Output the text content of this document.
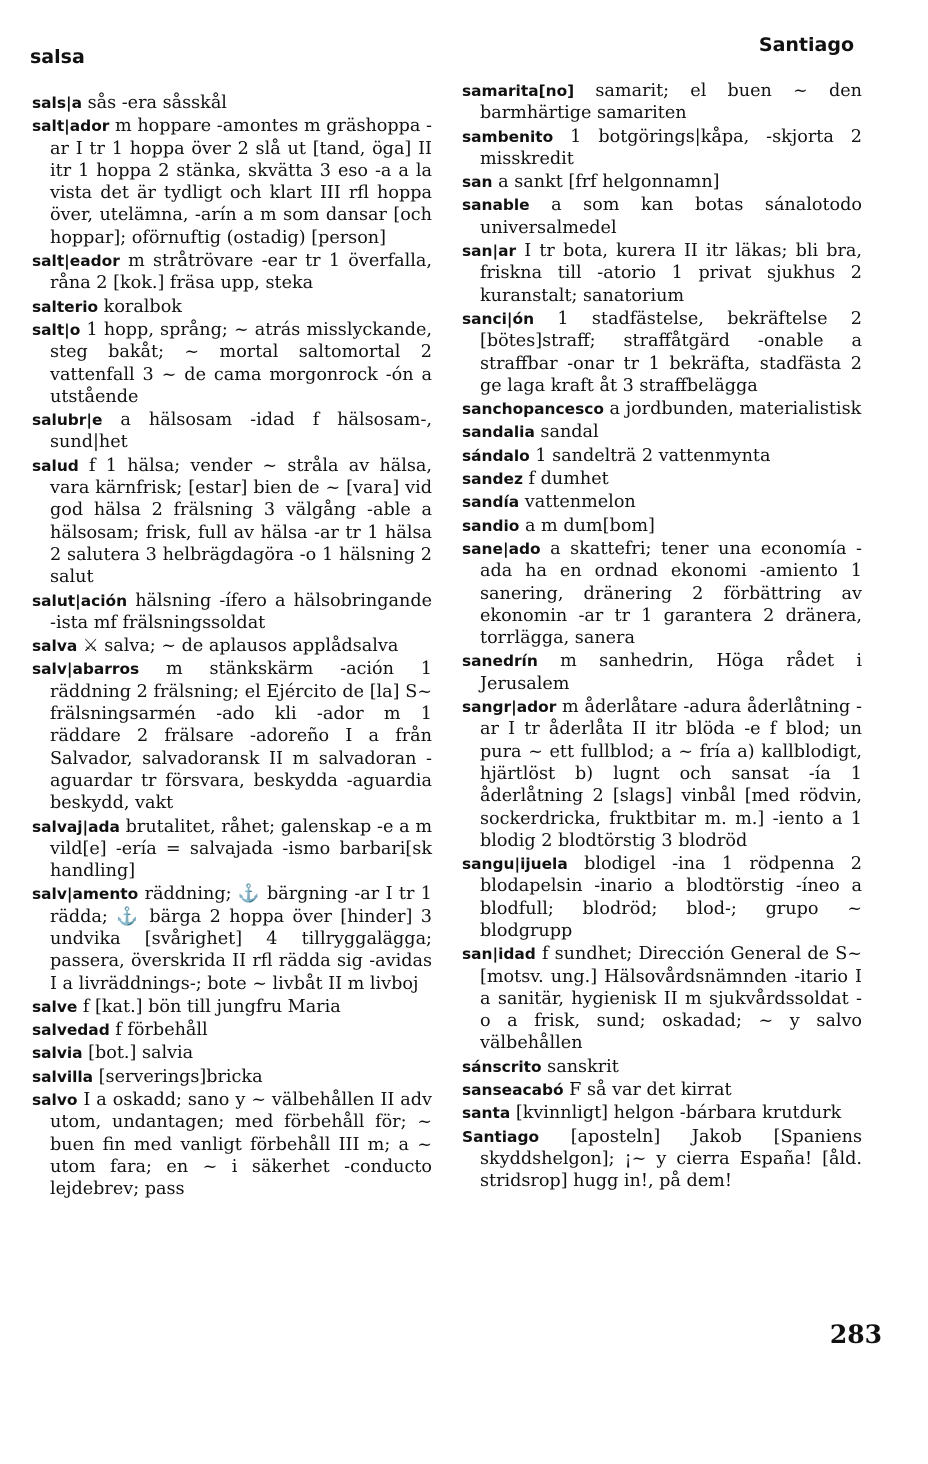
salsa
Santiago
sals|a sås -era såsskål
salt|ador m hoppare -amontes m gräshoppa -ar I tr 1 hoppa över 2 slå ut [tand, öga] II itr 1 hoppa 2 stänka, skvätta 3 eso -a a la vista det är tydligt och klart III rfl hoppa över, utelämna, -arín a m som dansar [och hoppar]; oförnuftig (ostadig) [person]
salt|eador m stråtrövare -ear tr 1 överfalla, råna 2 [kok.] fräsa upp, steka
salterio koralbok
salt|o 1 hopp, språng; ~ atrás misslyckande, steg bakåt; ~ mortal saltomortal 2 vattenfall 3 ~ de cama morgonrock -ón a utstående
salubr|e a hälsosam -idad f hälsosam-, sund|het
salud f 1 hälsa; vender ~ stråla av hälsa, vara kärnfrisk; [estar] bien de ~ [vara] vid god hälsa 2 frälsning 3 välgång -able a hälsosam; frisk, full av hälsa -ar tr 1 hälsa 2 salutera 3 helbrägdagöra -o 1 hälsning 2 salut
salut|ación hälsning -ífero a hälsobringande -ista mf frälsningssoldat
salva ⚔ salva; ~ de aplausos applådsalva
salv|abarros m stänkskärm -ación 1 räddning 2 frälsning; el Ejército de [la] S~ frälsningsarmén -ado kli -ador m 1 räddare 2 frälsare -adoreño I a från Salvador, salvadoransk II m salvadoran -aguardar tr försvara, beskydda -aguardia beskydd, vakt
salvaj|ada brutalitet, råhet; galenskap -e a m vild[e] -ería = salvajada -ismo barbari[sk handling]
salv|amento räddning; ⚓ bärgning -ar I tr 1 rädda; ⚓ bärga 2 hoppa över [hinder] 3 undvika [svårighet] 4 tillryggalägga; passera, överskrida II rfl rädda sig -avidas I a livräddnings-; bote ~ livbåt II m livboj
salve f [kat.] bön till jungfru Maria
salvedad f förbehåll
salvia [bot.] salvia
salvilla [serverings]bricka
salvo I a oskadd; sano y ~ välbehållen II adv utom, undantagen; med förbehåll för; ~ buen fin med vanligt förbehåll III m; a ~ utom fara; en ~ i säkerhet -conducto lejdebrev; pass
samarita[no] samarit; el buen ~ den barmhärtige samariten
sambenito 1 botgörings|kåpa, -skjorta 2 misskredit
san a sankt [frf helgonnamn]
sanable a som kan botas sánalotodo universalmedel
san|ar I tr bota, kurera II itr läkas; bli bra, friskna till -atorio 1 privat sjukhus 2 kuranstalt; sanatorium
sanci|ón 1 stadfästelse, bekräftelse 2 [bötes]straff; straffåtgärd -onable a straffbar -onar tr 1 bekräfta, stadfästa 2 ge laga kraft åt 3 straffbelägga
sanchopancesco a jordbunden, materialistisk
sandalia sandal
sándalo 1 sandelträ 2 vattenmynta
sandez f dumhet
sandía vattenmelon
sandio a m dum[bom]
sane|ado a skattefri; tener una economía -ada ha en ordnad ekonomi -amiento 1 sanering, dränering 2 förbättring av ekonomin -ar tr 1 garantera 2 dränera, torrlägga, sanera
sanedrín m sanhedrin, Höga rådet i Jerusalem
sangr|ador m åderlåtare -adura åderlåtning -ar I tr åderlåta II itr blöda -e f blod; un pura ~ ett fullblod; a ~ fría a) kallblodigt, hjärtlöst b) lugnt och sansat -ía 1 åderlåtning 2 [slags] vinbål [med rödvin, sockerdricka, fruktbitar m. m.] -iento a 1 blodig 2 blodtörstig 3 blodröd
sangu|ijuela blodigel -ina 1 rödpenna 2 blodapelsin -inario a blodtörstig -íneo a blodfull; blodröd; blod-; grupo ~ blodgrupp
san|idad f sundhet; Dirección General de S~ [motsv. ung.] Hälsovårdsnämnden -itario I a sanitär, hygienisk II m sjukvårdssoldat -o a frisk, sund; oskadad; ~ y salvo välbehållen
sánscrito sanskrit
sanseacabó F så var det kirrat
santa [kvinnligt] helgon -bárbara krutdurk
Santiago [aposteln] Jakob [Spaniens skyddshelgon]; ¡~ y cierra España! [åld. stridsrop] hugg in!, på dem!
283
